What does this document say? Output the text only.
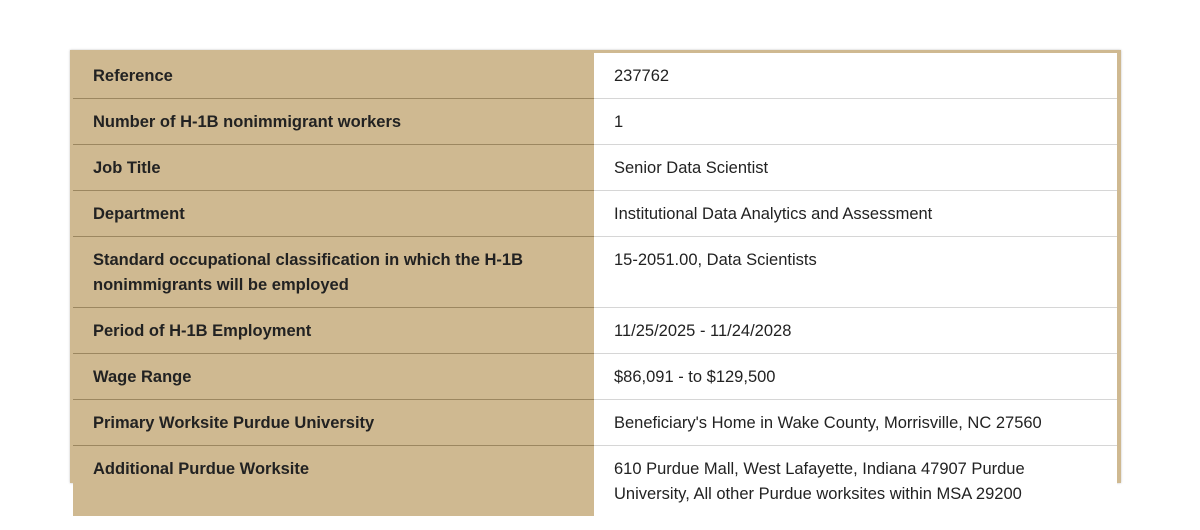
Reference	237762
Number of H-1B nonimmigrant workers	1
Job Title	Senior Data Scientist
Department	Institutional Data Analytics and Assessment
Standard occupational classification in which the H-1B nonimmigrants will be employed	15-2051.00, Data Scientists
Period of H-1B Employment	11/25/2025 - 11/24/2028
Wage Range	$86,091 - to $129,500
Primary Worksite Purdue University	Beneficiary's Home in Wake County, Morrisville, NC 27560
Additional Purdue Worksite	610 Purdue Mall, West Lafayette, Indiana 47907 Purdue University, All other Purdue worksites within MSA 29200
